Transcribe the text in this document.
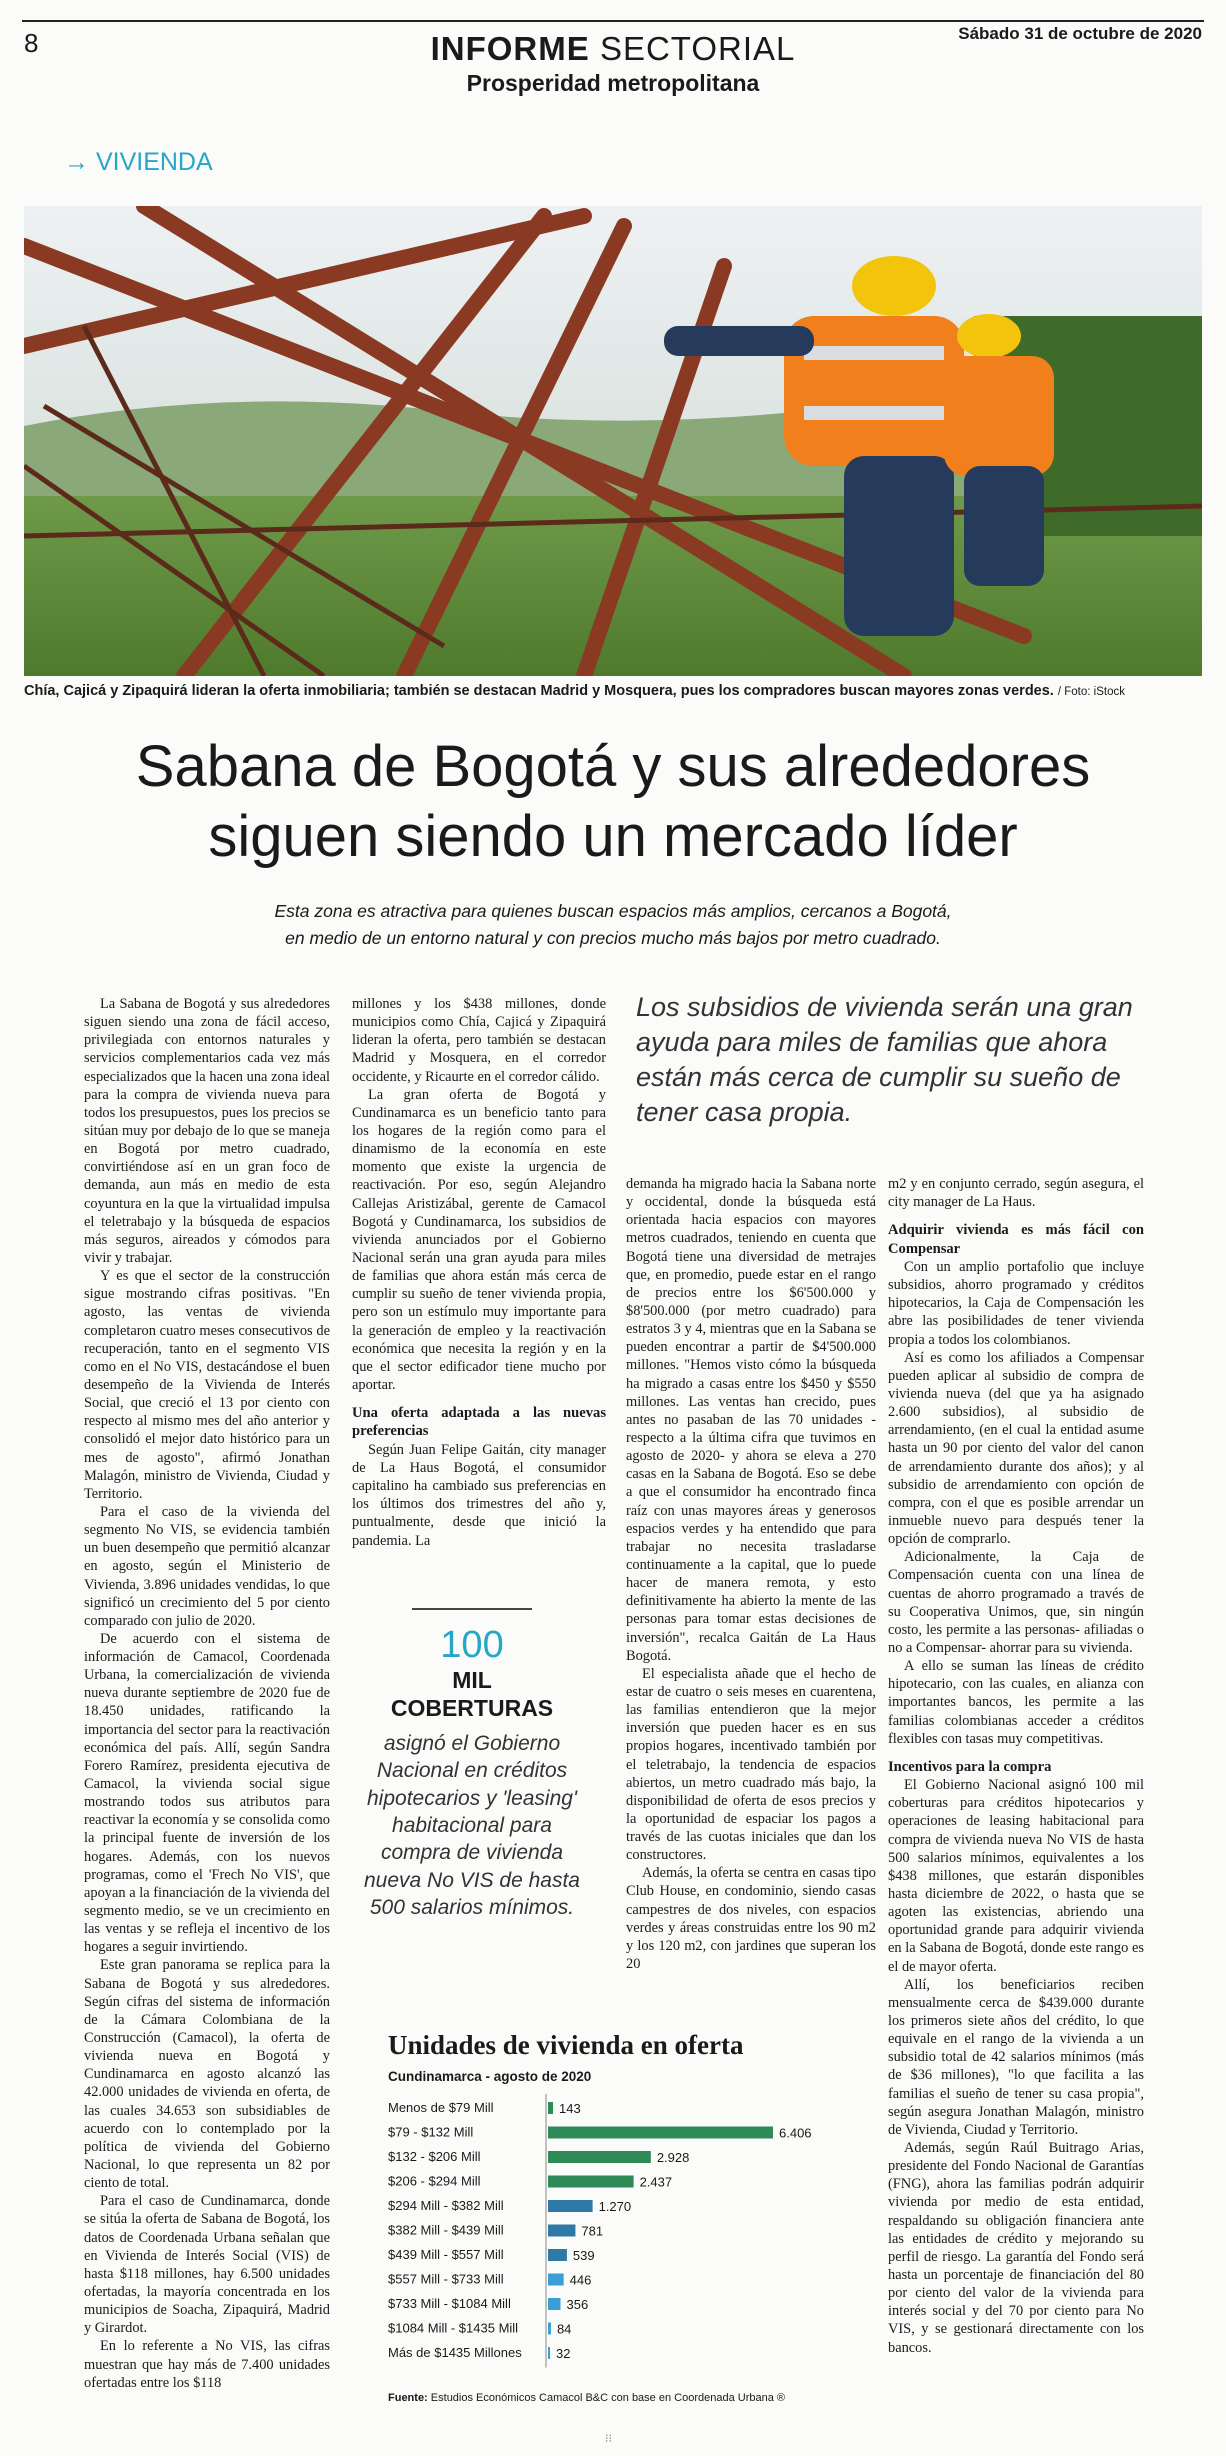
8	INFORME SECTORIAL
Prosperidad metropolitana
Sábado 31 de octubre de 2020
→ VIVIENDA
Chía, Cajicá y Zipaquirá lideran la oferta inmobiliaria; también se destacan Madrid y Mosquera, pues los compradores buscan mayores zonas verdes. / Foto: iStock
Sabana de Bogotá y sus alrededores
siguen siendo un mercado líder
Esta zona es atractiva para quienes buscan espacios más amplios, cercanos a Bogotá,
en medio de un entorno natural y con precios mucho más bajos por metro cuadrado.

La Sabana de Bogotá y sus alrededores siguen siendo una zona de fácil acceso, privilegiada con entornos naturales y servicios complementarios cada vez más especializados que la hacen una zona ideal para la compra de vivienda nueva para todos los presupuestos, pues los precios se sitúan muy por debajo de lo que se maneja en Bogotá por metro cuadrado, convirtiéndose así en un gran foco de demanda, aun más en medio de esta coyuntura en la que la virtualidad impulsa el teletrabajo y la búsqueda de espacios más seguros, aireados y cómodos para vivir y trabajar.

Y es que el sector de la construcción sigue mostrando cifras positivas. "En agosto, las ventas de vivienda completaron cuatro meses consecutivos de recuperación, tanto en el segmento VIS como en el No VIS, destacándose el buen desempeño de la Vivienda de Interés Social, que creció el 13 por ciento con respecto al mismo mes del año anterior y consolidó el mejor dato histórico para un mes de agosto", afirmó Jonathan Malagón, ministro de Vivienda, Ciudad y Territorio.

Para el caso de la vivienda del segmento No VIS, se evidencia también un buen desempeño que permitió alcanzar en agosto, según el Ministerio de Vivienda, 3.896 unidades vendidas, lo que significó un crecimiento del 5 por ciento comparado con julio de 2020.

De acuerdo con el sistema de información de Camacol, Coordenada Urbana, la comercialización de vivienda nueva durante septiembre de 2020 fue de 18.450 unidades, ratificando la importancia del sector para la reactivación económica del país. Allí, según Sandra Forero Ramírez, presidenta ejecutiva de Camacol, la vivienda social sigue mostrando todos sus atributos para reactivar la economía y se consolida como la principal fuente de inversión de los hogares. Además, con los nuevos programas, como el 'Frech No VIS', que apoyan a la financiación de la vivienda del segmento medio, se ve un crecimiento en las ventas y se refleja el incentivo de los hogares a seguir invirtiendo.

Este gran panorama se replica para la Sabana de Bogotá y sus alrededores. Según cifras del sistema de información de la Cámara Colombiana de la Construcción (Camacol), la oferta de vivienda nueva en Bogotá y Cundinamarca en agosto alcanzó las 42.000 unidades de vivienda en oferta, de las cuales 34.653 son subsidiables de acuerdo con lo contemplado por la política de vivienda del Gobierno Nacional, lo que representa un 82 por ciento de total.

Para el caso de Cundinamarca, donde se sitúa la oferta de Sabana de Bogotá, los datos de Coordenada Urbana señalan que en Vivienda de Interés Social (VIS) de hasta $118 millones, hay 6.500 unidades ofertadas, la mayoría concentrada en los municipios de Soacha, Zipaquirá, Madrid y Girardot.

En lo referente a No VIS, las cifras muestran que hay más de 7.400 unidades ofertadas entre los $118

millones y los $438 millones, donde municipios como Chía, Cajicá y Zipaquirá lideran la oferta, pero también se destacan Madrid y Mosquera, en el corredor occidente, y Ricaurte en el corredor cálido.

La gran oferta de Bogotá y Cundinamarca es un beneficio tanto para los hogares de la región como para el dinamismo de la economía en este momento que existe la urgencia de reactivación. Por eso, según Alejandro Callejas Aristizábal, gerente de Camacol Bogotá y Cundinamarca, los subsidios de vivienda anunciados por el Gobierno Nacional serán una gran ayuda para miles de familias que ahora están más cerca de cumplir su sueño de tener vivienda propia, pero son un estímulo muy importante para la generación de empleo y la reactivación económica que necesita la región y en la que el sector edificador tiene mucho por aportar.

Una oferta adaptada a las nuevas preferencias

Según Juan Felipe Gaitán, city manager de La Haus Bogotá, el consumidor capitalino ha cambiado sus preferencias en los últimos dos trimestres del año y, puntualmente, desde que inició la pandemia. La

Los subsidios de vivienda serán una gran ayuda para miles de familias que ahora están más cerca de cumplir su sueño de tener casa propia.
100
MIL
COBERTURAS
asignó el Gobierno Nacional en créditos hipotecarios y 'leasing' habitacional para compra de vivienda nueva No VIS de hasta 500 salarios mínimos.

demanda ha migrado hacia la Sabana norte y occidental, donde la búsqueda está orientada hacia espacios con mayores metros cuadrados, teniendo en cuenta que Bogotá tiene una diversidad de metrajes que, en promedio, puede estar en el rango de precios entre los $6'500.000 y $8'500.000 (por metro cuadrado) para estratos 3 y 4, mientras que en la Sabana se pueden encontrar a partir de $4'500.000 millones. "Hemos visto cómo la búsqueda ha migrado a casas entre los $450 y $550 millones. Las ventas han crecido, pues antes no pasaban de las 70 unidades -respecto a la última cifra que tuvimos en agosto de 2020- y ahora se eleva a 270 casas en la Sabana de Bogotá. Eso se debe a que el consumidor ha encontrado finca raíz con unas mayores áreas y generosos espacios verdes y ha entendido que para trabajar no necesita trasladarse continuamente a la capital, que lo puede hacer de manera remota, y esto definitivamente ha abierto la mente de las personas para tomar estas decisiones de inversión", recalca Gaitán de La Haus Bogotá.

El especialista añade que el hecho de estar de cuatro o seis meses en cuarentena, las familias entendieron que la mejor inversión que pueden hacer es en sus propios hogares, incentivado también por el teletrabajo, la tendencia de espacios abiertos, un metro cuadrado más bajo, la disponibilidad de oferta de esos precios y la oportunidad de espaciar los pagos a través de las cuotas iniciales que dan los constructores.

Además, la oferta se centra en casas tipo Club House, en condominio, siendo casas campestres de dos niveles, con espacios verdes y áreas construidas entre los 90 m2 y los 120 m2, con jardines que superan los 20

m2 y en conjunto cerrado, según asegura, el city manager de La Haus.

Adquirir vivienda es más fácil con Compensar

Con un amplio portafolio que incluye subsidios, ahorro programado y créditos hipotecarios, la Caja de Compensación les abre las posibilidades de tener vivienda propia a todos los colombianos.

Así es como los afiliados a Compensar pueden aplicar al subsidio de compra de vivienda nueva (del que ya ha asignado 2.600 subsidios), al subsidio de arrendamiento, (en el cual la entidad asume hasta un 90 por ciento del valor del canon de arrendamiento durante dos años); y al subsidio de arrendamiento con opción de compra, con el que es posible arrendar un inmueble nuevo para después tener la opción de comprarlo.

Adicionalmente, la Caja de Compensación cuenta con una línea de cuentas de ahorro programado a través de su Cooperativa Unimos, que, sin ningún costo, les permite a las personas- afiliadas o no a Compensar- ahorrar para su vivienda.

A ello se suman las líneas de crédito hipotecario, con las cuales, en alianza con importantes bancos, les permite a las familias colombianas acceder a créditos flexibles con tasas muy competitivas.

Incentivos para la compra

El Gobierno Nacional asignó 100 mil coberturas para créditos hipotecarios y operaciones de leasing habitacional para compra de vivienda nueva No VIS de hasta 500 salarios mínimos, equivalentes a los $438 millones, que estarán disponibles hasta diciembre de 2022, o hasta que se agoten las existencias, abriendo una oportunidad grande para adquirir vivienda en la Sabana de Bogotá, donde este rango es el de mayor oferta.

Allí, los beneficiarios reciben mensualmente cerca de $439.000 durante los primeros siete años del crédito, lo que equivale en el rango de la vivienda a un subsidio total de 42 salarios mínimos (más de $36 millones), "lo que facilita a las familias el sueño de tener su casa propia", según asegura Jonathan Malagón, ministro de Vivienda, Ciudad y Territorio.

Además, según Raúl Buitrago Arias, presidente del Fondo Nacional de Garantías (FNG), ahora las familias podrán adquirir vivienda por medio de esta entidad, respaldando su obligación financiera ante las entidades de crédito y mejorando su perfil de riesgo. La garantía del Fondo será hasta un porcentaje de financiación del 80 por ciento del valor de la vivienda para interés social y del 70 por ciento para No VIS, y se gestionará directamente con los bancos.

Unidades de vivienda en oferta
Cundinamarca - agosto de 2020
Menos de $79 Mill	143
$79 - $132 Mill	6.406
$132 - $206 Mill	2.928
$206 - $294 Mill	2.437
$294 Mill - $382 Mill	1.270
$382 Mill - $439 Mill	781
$439 Mill - $557 Mill	539
$557 Mill - $733 Mill	446
$733 Mill - $1084 Mill	356
$1084 Mill - $1435 Mill	84
Más de $1435 Millones	32
Fuente: Estudios Económicos Camacol B&C con base en Coordenada Urbana ®
⁝⁝
